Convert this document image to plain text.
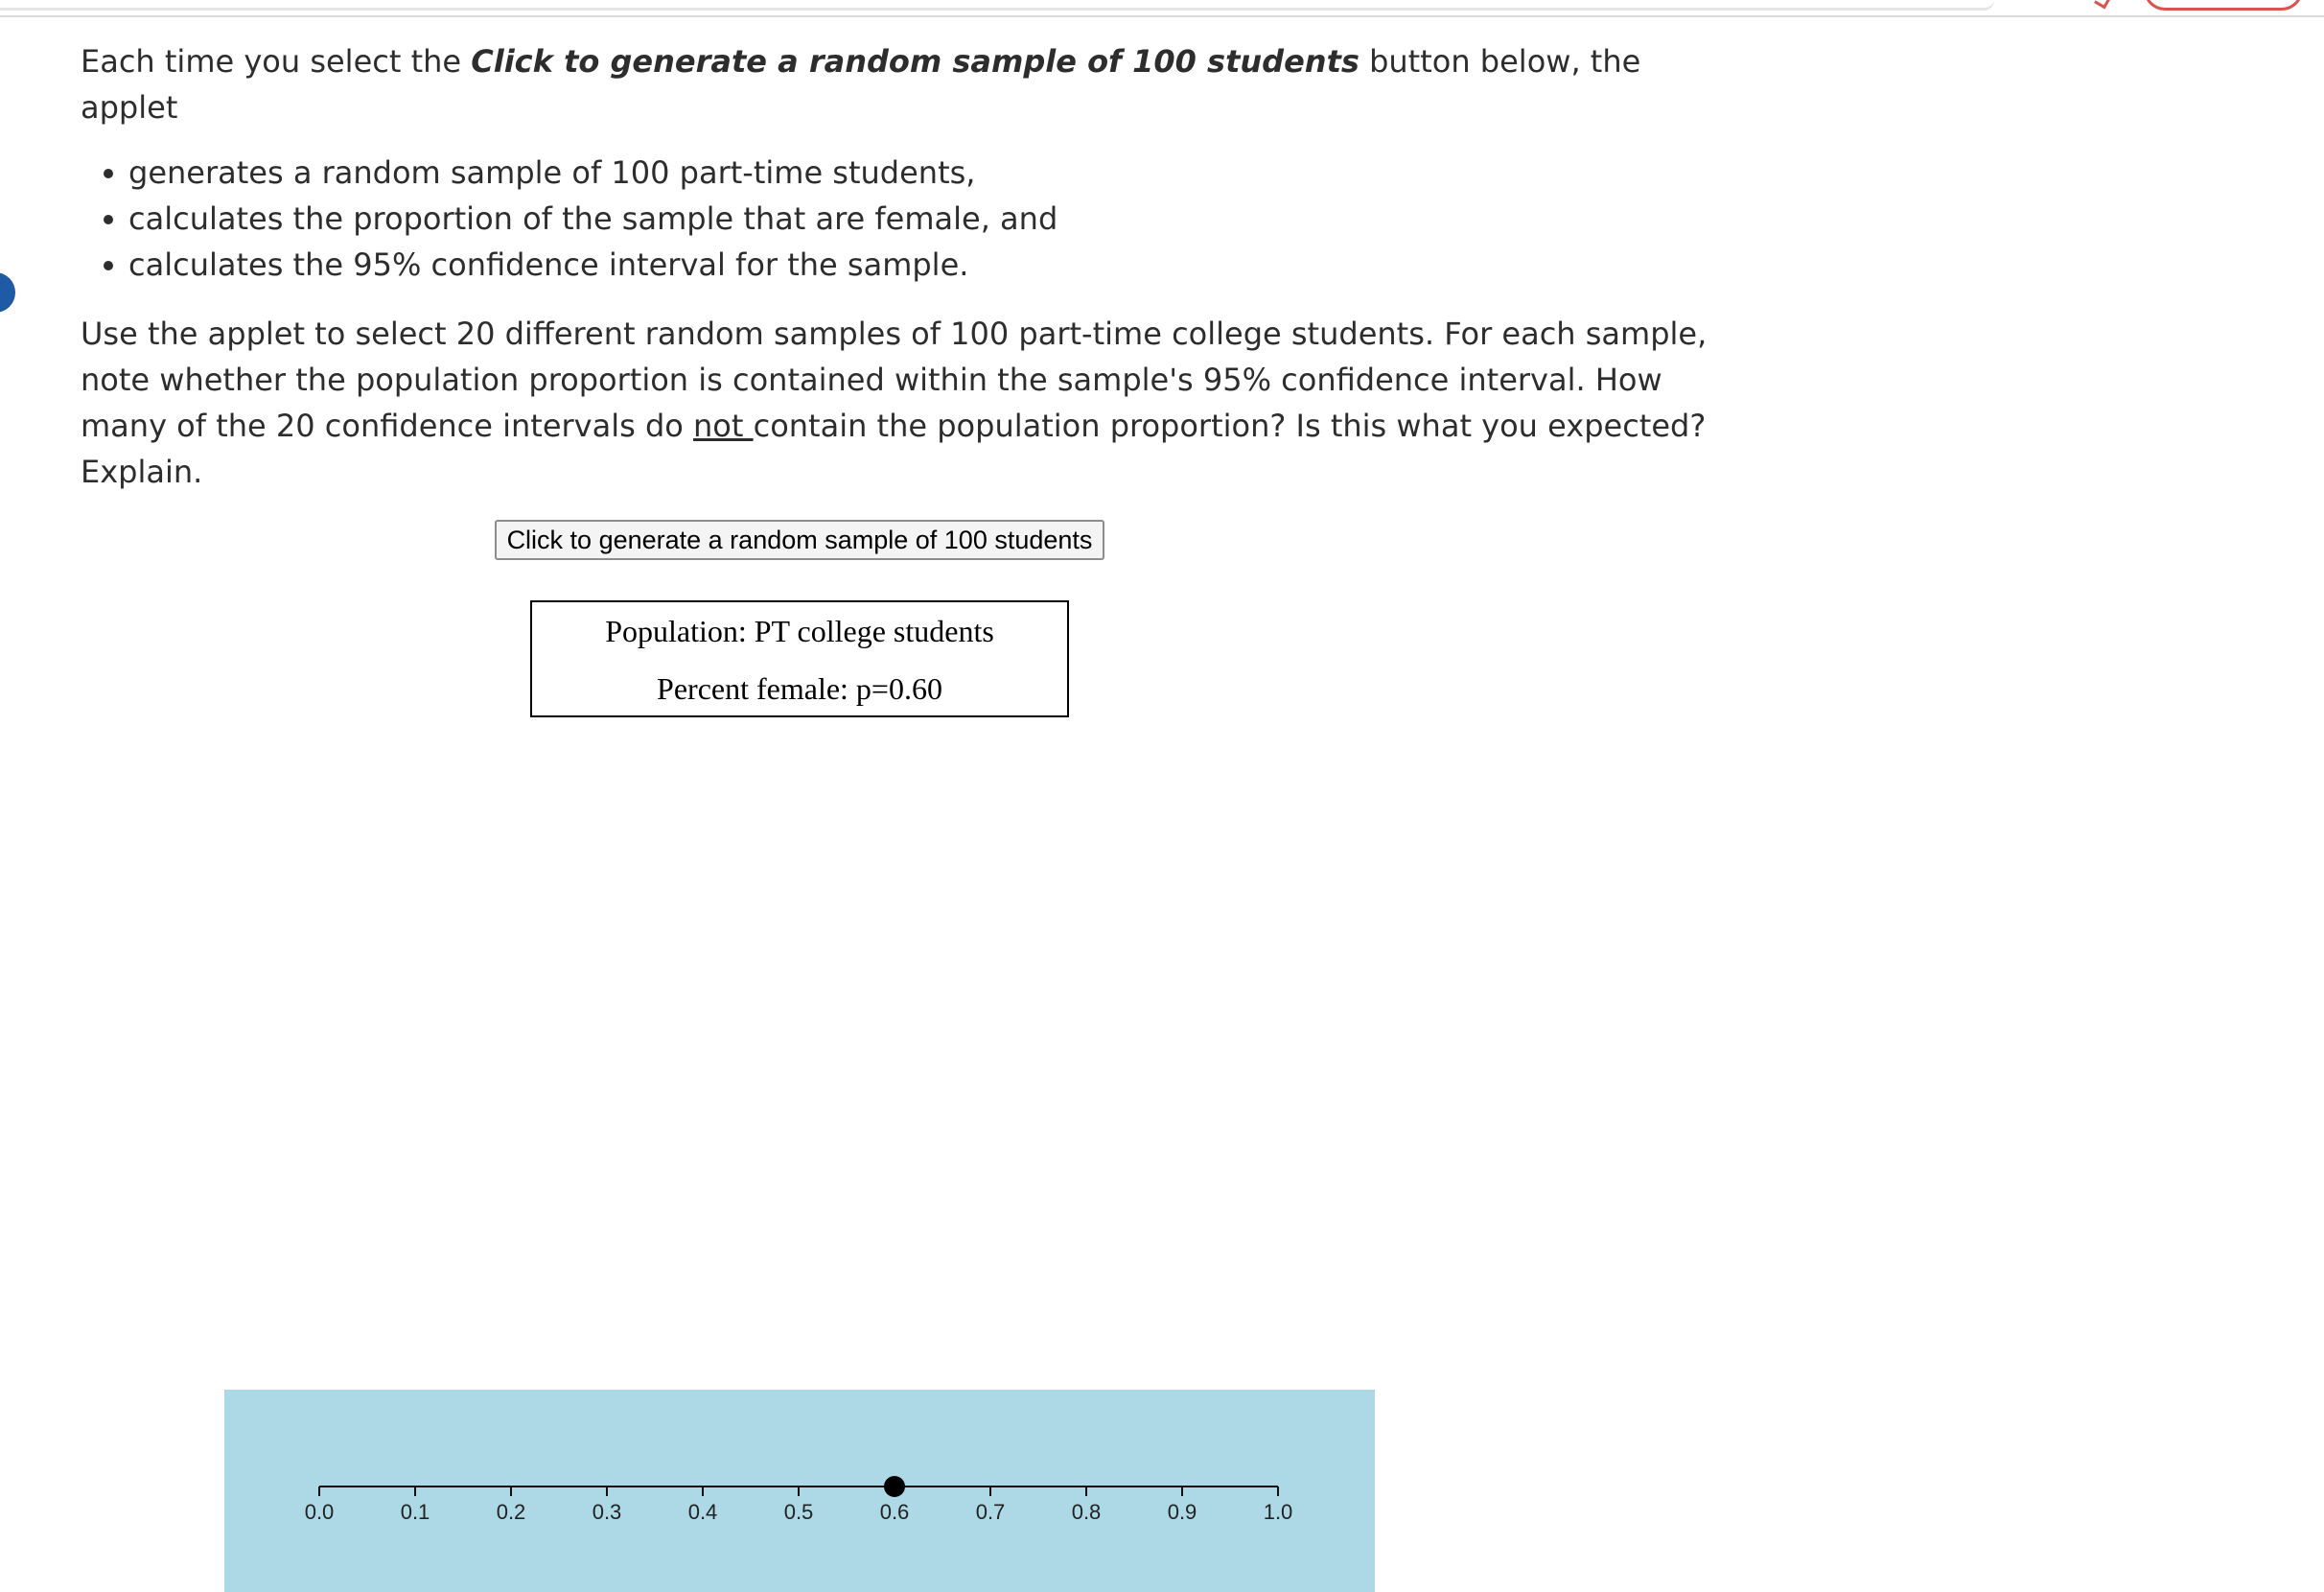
Each time you select the Click to generate a random sample of 100 students button below, the applet

generates a random sample of 100 part-time students,
calculates the proportion of the sample that are female, and
calculates the 95% confidence interval for the sample.

Use the applet to select 20 different random samples of 100 part-time college students. For each sample, note whether the population proportion is contained within the sample's 95% confidence interval. How many of the 20 confidence intervals do not contain the population proportion? Is this what you expected? Explain.

Click to generate a random sample of 100 students
Population: PT college students
Percent female: p=0.60
0.0	0.1	0.2	0.3	0.4	0.5	0.6	0.7	0.8	0.9	1.0
